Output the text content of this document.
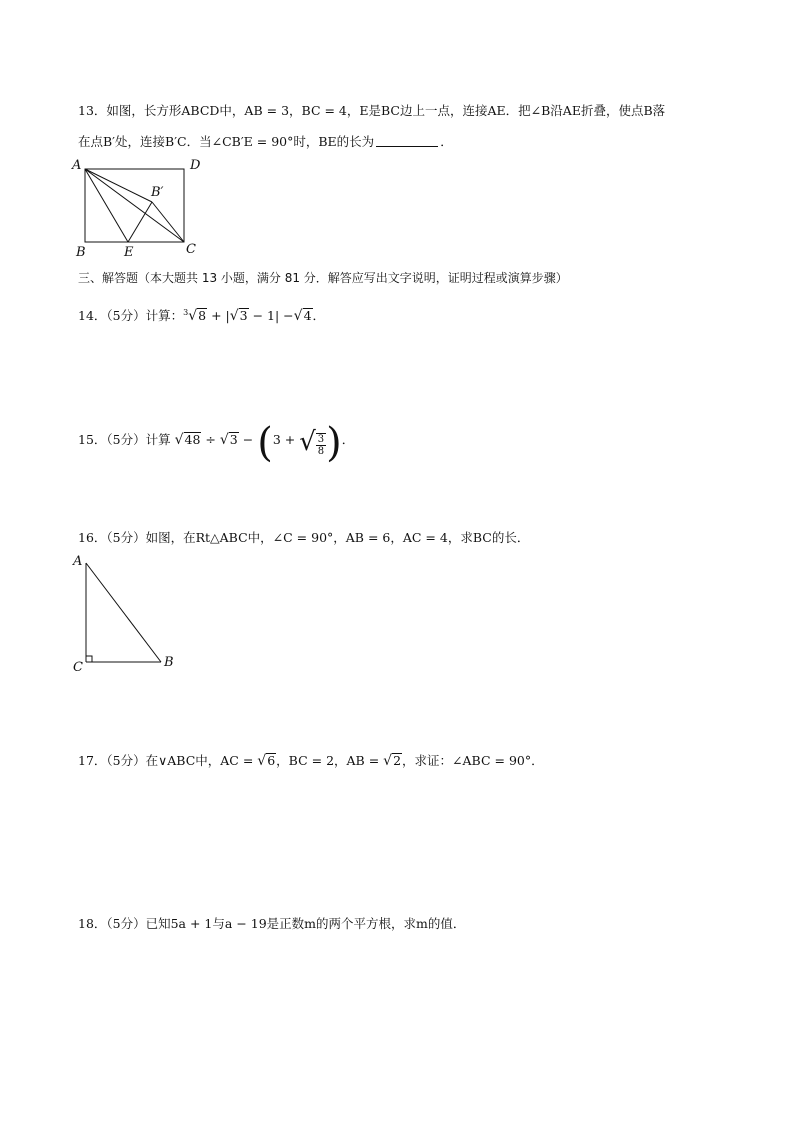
13．如图，长方形ABCD中，AB = 3，BC = 4，E是BC边上一点，连接AE．把∠B沿AE折叠，使点B落
在点B′处，连接B′C．当∠CB′E = 90°时，BE的长为	．
A	D
B′
B	E	C
三、解答题（本大题共 13 小题，满分 81 分．解答应写出文字说明，证明过程或演算步骤）
14．（5分）计算：$^3$√8 + |√3 − 1| −√4．
15．（5分）计算 √48 ÷ √3 − (3 + √ $\frac{3}{8}$ )．
16．（5分）如图，在Rt△ABC中，∠C = 90°，AB = 6，AC = 4，求BC的长．
A
C	B
17．（5分）在∨ABC中，AC = √6，BC = 2，AB = √2，求证：∠ABC = 90°．
18．（5分）已知5a + 1与a − 19是正数m的两个平方根，求m的值．
